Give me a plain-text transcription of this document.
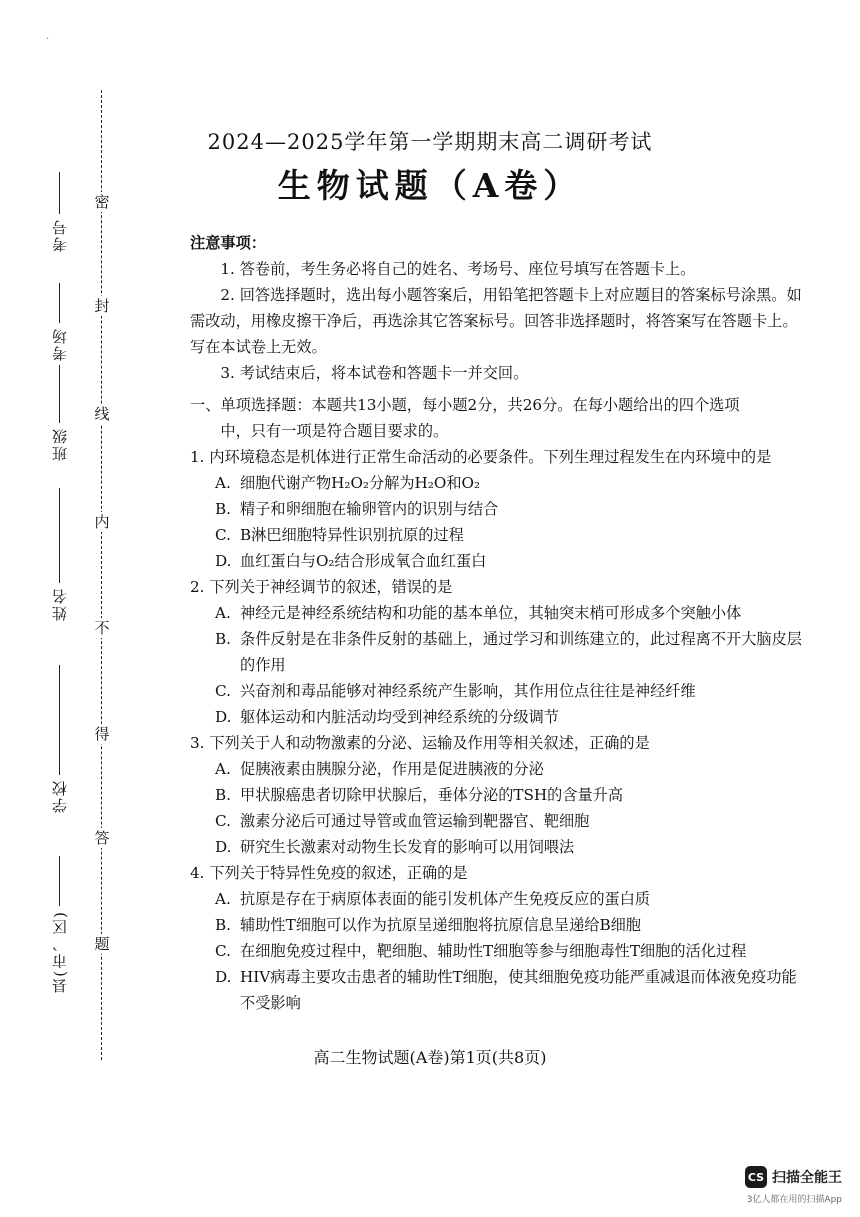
·
密
封
线
内
不
得
答
题
考号
考场
班级
姓名
学校
县(市、区)
2024—2025学年第一学期期末高二调研考试
生物试题（A卷）
注意事项：
1. 答卷前，考生务必将自己的姓名、考场号、座位号填写在答题卡上。
2. 回答选择题时，选出每小题答案后，用铅笔把答题卡上对应题目的答案标号涂黑。如需改动，用橡皮擦干净后，再选涂其它答案标号。回答非选择题时，将答案写在答题卡上。写在本试卷上无效。
3. 考试结束后，将本试卷和答题卡一并交回。
一、单项选择题：本题共13小题，每小题2分，共26分。在每小题给出的四个选项
中，只有一项是符合题目要求的。
1. 内环境稳态是机体进行正常生命活动的必要条件。下列生理过程发生在内环境中的是
A. 细胞代谢产物H₂O₂分解为H₂O和O₂
B. 精子和卵细胞在输卵管内的识别与结合
C. B淋巴细胞特异性识别抗原的过程
D. 血红蛋白与O₂结合形成氧合血红蛋白
2. 下列关于神经调节的叙述，错误的是
A. 神经元是神经系统结构和功能的基本单位，其轴突末梢可形成多个突触小体
B. 条件反射是在非条件反射的基础上，通过学习和训练建立的，此过程离不开大脑皮层的作用
C. 兴奋剂和毒品能够对神经系统产生影响，其作用位点往往是神经纤维
D. 躯体运动和内脏活动均受到神经系统的分级调节
3. 下列关于人和动物激素的分泌、运输及作用等相关叙述，正确的是
A. 促胰液素由胰腺分泌，作用是促进胰液的分泌
B. 甲状腺癌患者切除甲状腺后，垂体分泌的TSH的含量升高
C. 激素分泌后可通过导管或血管运输到靶器官、靶细胞
D. 研究生长激素对动物生长发育的影响可以用饲喂法
4. 下列关于特异性免疫的叙述，正确的是
A. 抗原是存在于病原体表面的能引发机体产生免疫反应的蛋白质
B. 辅助性T细胞可以作为抗原呈递细胞将抗原信息呈递给B细胞
C. 在细胞免疫过程中，靶细胞、辅助性T细胞等参与细胞毒性T细胞的活化过程
D. HIV病毒主要攻击患者的辅助性T细胞，使其细胞免疫功能严重减退而体液免疫功能不受影响
高二生物试题(A卷)第1页(共8页)
CS 扫描全能王
3亿人都在用的扫描App
